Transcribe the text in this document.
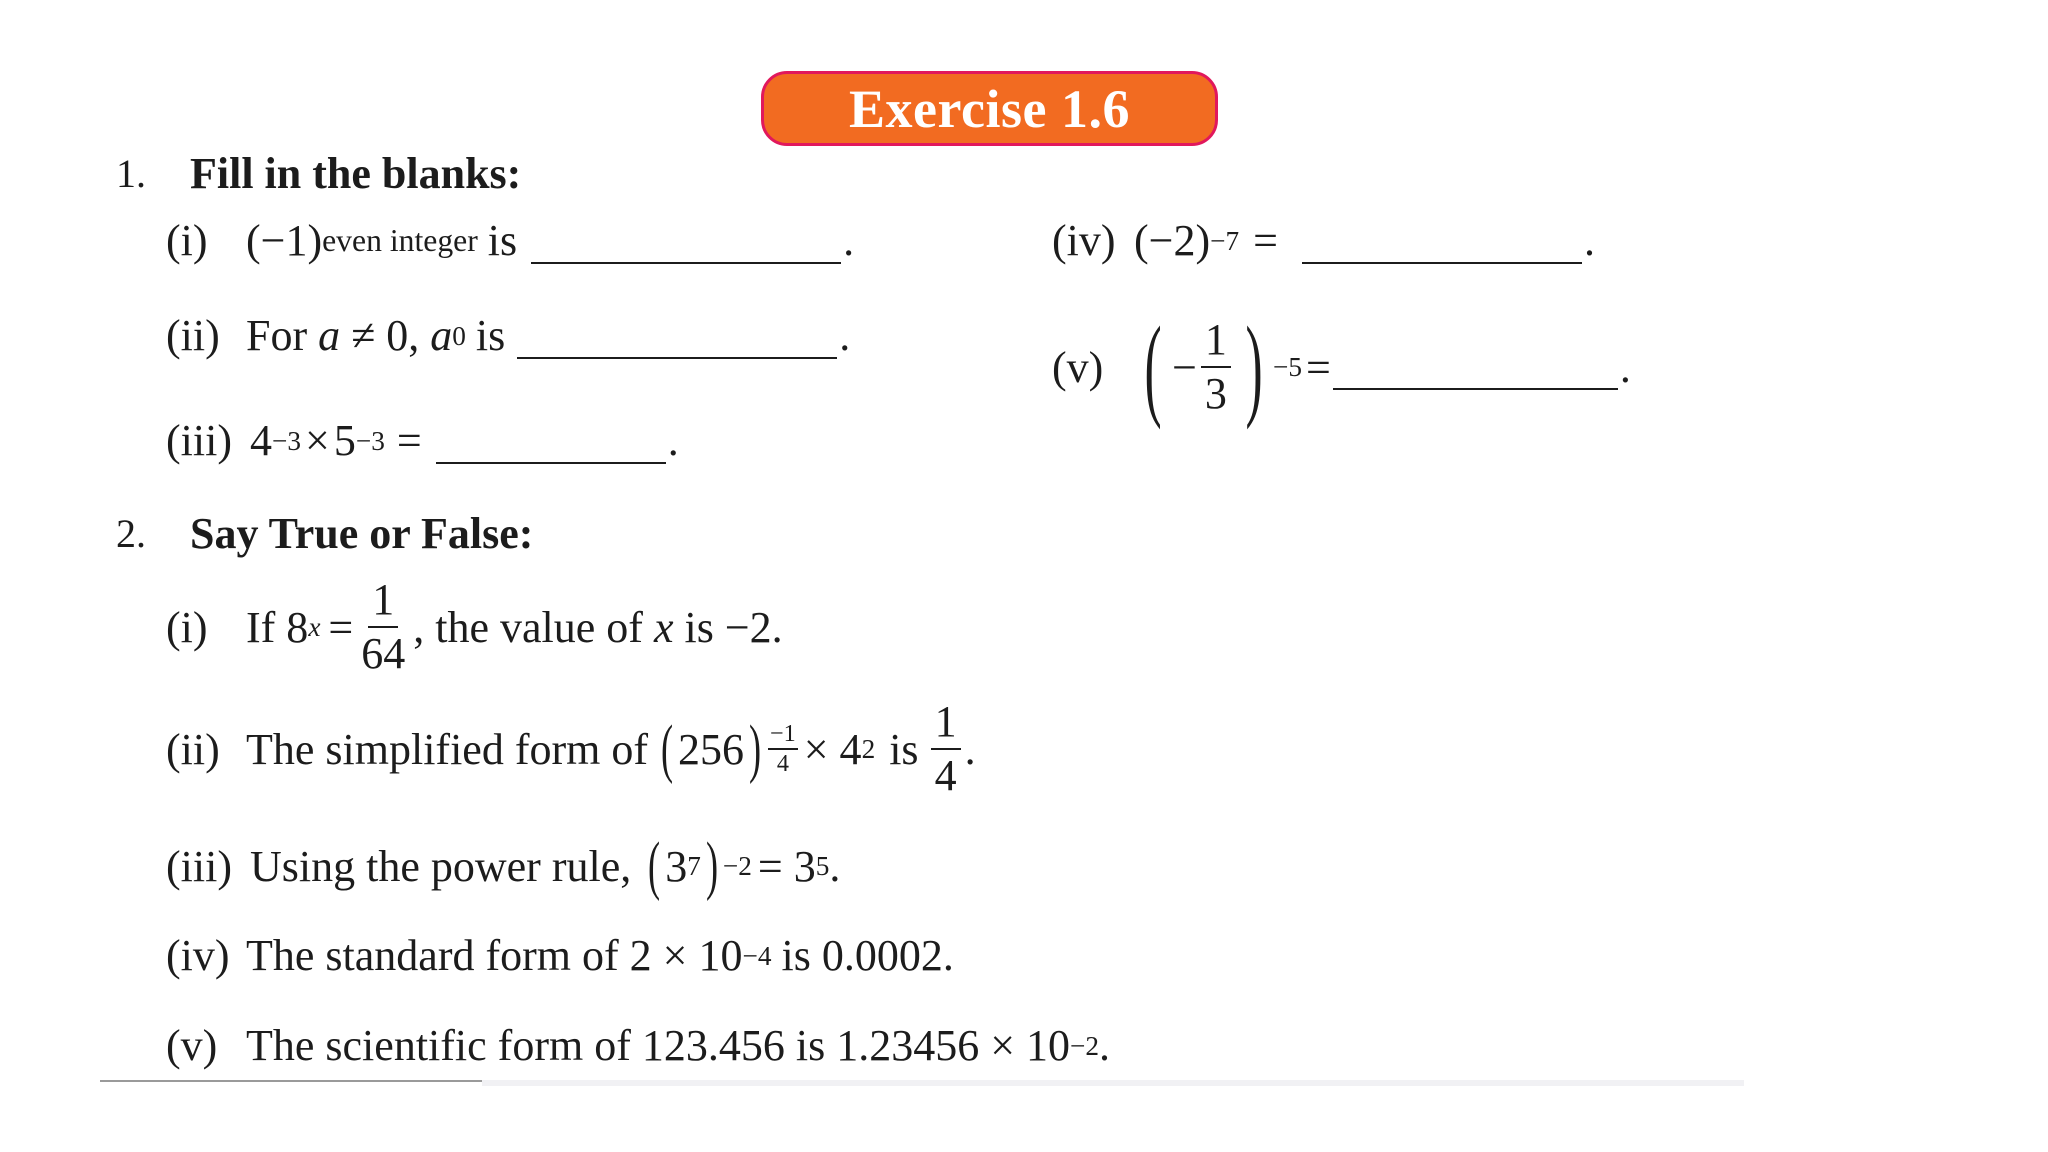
Exercise 1.6
1. Fill in the blanks:
(i) (−1) even integer is	.
(ii) For
a
≠
0,
a 0 is	.
(iii) 4 −3 × 5 −3 =	.
(iv) (−2) −7 =	.
(v) ( − $\frac{1}{3}$ ) −5 =	.
2. Say True or False:
(i) If 8 $x = \frac{1}{64}$ , the value of
x
is −2.
(ii) The simplified form of ( 256 ) $\frac{-1}{4} \times 4$ 2 is $\frac{1}{4}$ .
(iii) Using the power rule, ( 3 7 ) −2 = 3 5 .
(iv) The standard form of 2 × 10 −4 is 0.0002.
(v) The scientific form of 123.456 is 1.23456 × 10 −2 .
